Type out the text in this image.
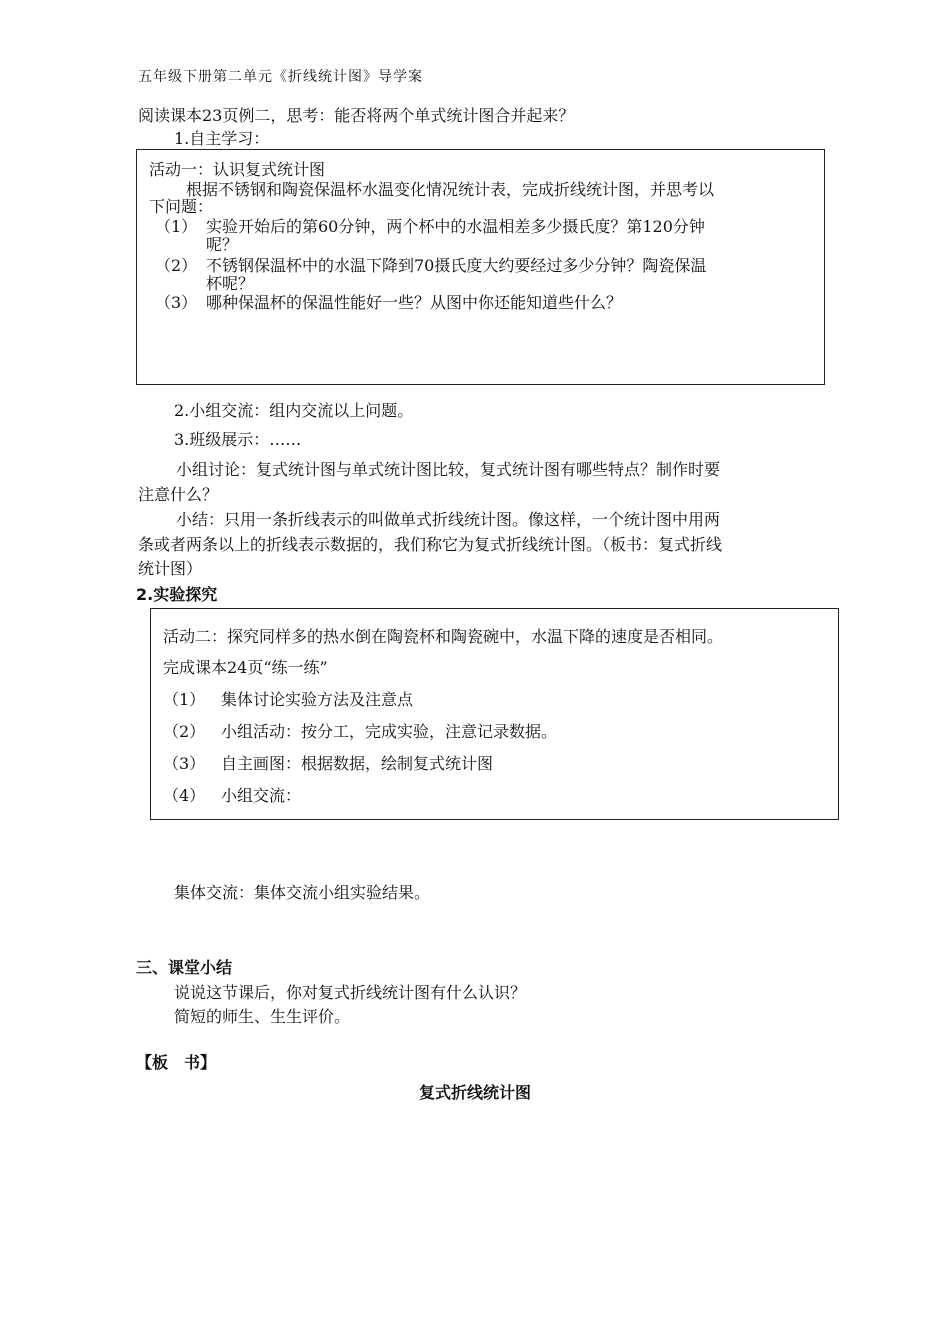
五年级下册第二单元《折线统计图》导学案
阅读课本23页例二，思考：能否将两个单式统计图合并起来？
1.自主学习：
活动一：认识复式统计图
根据不锈钢和陶瓷保温杯水温变化情况统计表，完成折线统计图，并思考以
下问题：
（1） 实验开始后的第60分钟，两个杯中的水温相差多少摄氏度？第120分钟
呢？
（2） 不锈钢保温杯中的水温下降到70摄氏度大约要经过多少分钟？陶瓷保温
杯呢？
（3） 哪种保温杯的保温性能好一些？从图中你还能知道些什么？
2.小组交流：组内交流以上问题。
3.班级展示：……
小组讨论：复式统计图与单式统计图比较，复式统计图有哪些特点？制作时要
注意什么？
小结：只用一条折线表示的叫做单式折线统计图。像这样，一个统计图中用两
条或者两条以上的折线表示数据的，我们称它为复式折线统计图。（板书：复式折线
统计图）
2.实验探究
活动二：探究同样多的热水倒在陶瓷杯和陶瓷碗中，水温下降的速度是否相同。
完成课本24页“练一练”
（1） 集体讨论实验方法及注意点
（2） 小组活动：按分工，完成实验，注意记录数据。
（3） 自主画图：根据数据，绘制复式统计图
（4） 小组交流：
集体交流：集体交流小组实验结果。
三、课堂小结
说说这节课后，你对复式折线统计图有什么认识？
简短的师生、生生评价。
【板　书】
复式折线统计图
